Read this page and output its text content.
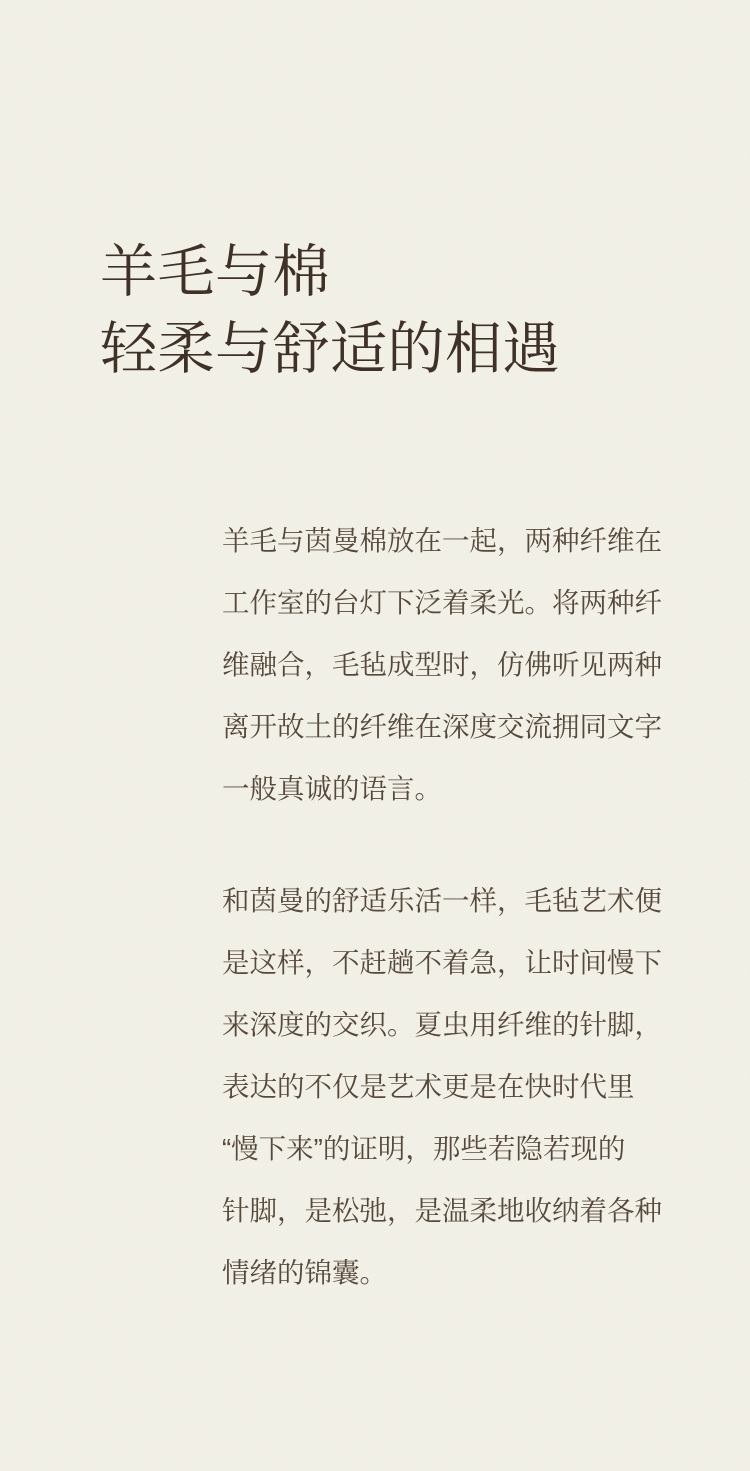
羊毛与棉
轻柔与舒适的相遇
羊毛与茵曼棉放在一起，两种纤维在
工作室的台灯下泛着柔光。将两种纤
维融合，毛毡成型时，仿佛听见两种
离开故土的纤维在深度交流拥同文字
一般真诚的语言。
和茵曼的舒适乐活一样，毛毡艺术便
是这样，不赶趟不着急，让时间慢下
来深度的交织。夏虫用纤维的针脚，
表达的不仅是艺术更是在快时代里
“慢下来”的证明，那些若隐若现的
针脚，是松弛，是温柔地收纳着各种
情绪的锦囊。
